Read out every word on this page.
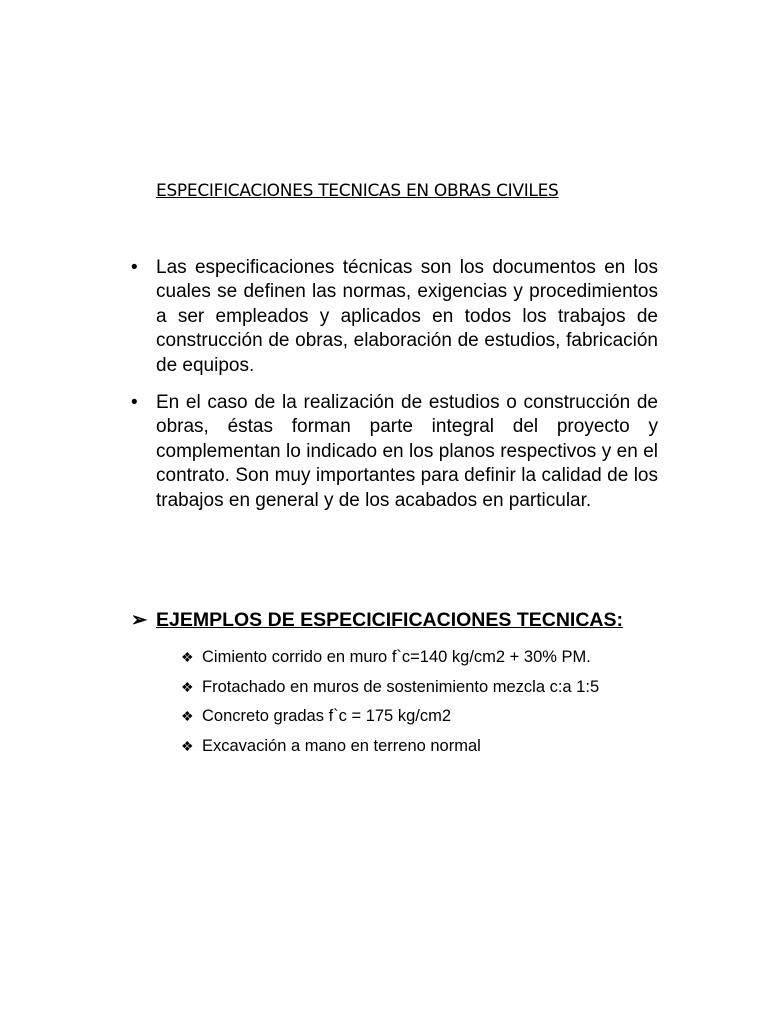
ESPECIFICACIONES TECNICAS EN OBRAS CIVILES
• Las especificaciones técnicas son los documentos en los cuales se definen las normas, exigencias y procedimientos a ser empleados y aplicados en todos los trabajos de construcción de obras, elaboración de estudios, fabricación de equipos.
• En el caso de la realización de estudios o construcción de obras, éstas forman parte integral del proyecto y complementan lo indicado en los planos respectivos y en el contrato. Son muy importantes para definir la calidad de los trabajos en general y de los acabados en particular.
➢ EJEMPLOS DE ESPECICIFICACIONES TECNICAS:
❖ Cimiento corrido en muro f`c=140 kg/cm2 + 30% PM.
❖ Frotachado en muros de sostenimiento mezcla c:a 1:5
❖ Concreto gradas f`c = 175 kg/cm2
❖ Excavación a mano en terreno normal
